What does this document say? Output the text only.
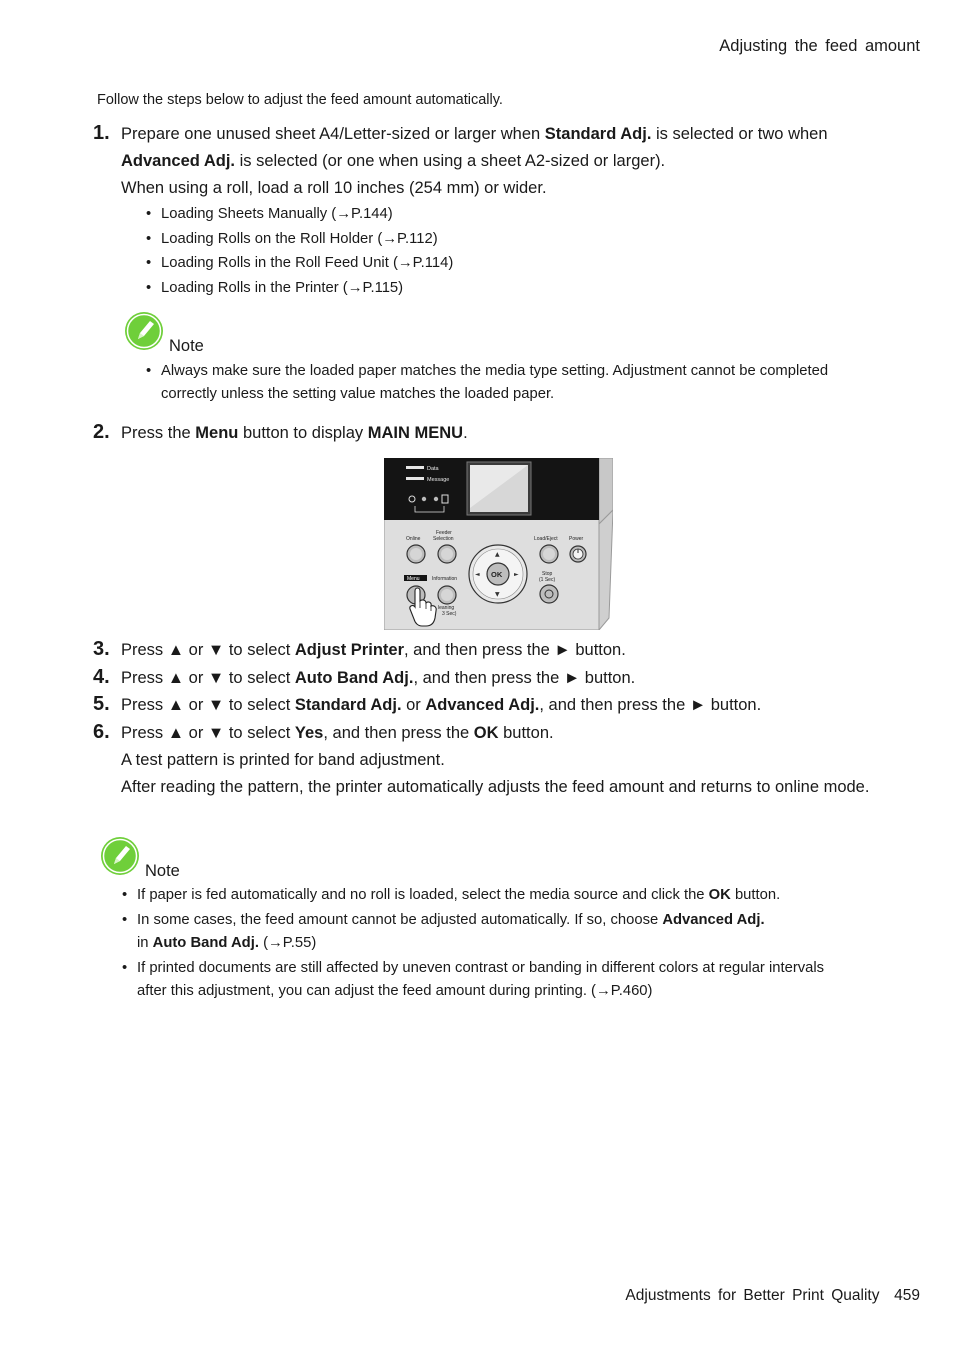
Adjusting the feed amount
Follow the steps below to adjust the feed amount automatically.
1. Prepare one unused sheet A4/Letter-sized or larger when Standard Adj. is selected or two when Advanced Adj. is selected (or one when using a sheet A2-sized or larger).
When using a roll, load a roll 10 inches (254 mm) or wider.
• Loading Sheets Manually (→P.144)
• Loading Rolls on the Roll Holder (→P.112)
• Loading Rolls in the Roll Feed Unit (→P.114)
• Loading Rolls in the Printer (→P.115)
Note
• Always make sure the loaded paper matches the media type setting. Adjustment cannot be completed correctly unless the setting value matches the loaded paper.
2. Press the Menu button to display MAIN MENU.
Data
Message
Online
Feeder
Selection	Load/Eject Power
▲
▼
◄	►
OK	Stop
(1 Sec)
Menu Information
leaning
3 Sec)
3. Press ▲ or ▼ to select Adjust Printer, and then press the ► button.
4. Press ▲ or ▼ to select Auto Band Adj., and then press the ► button.
5. Press ▲ or ▼ to select Standard Adj. or Advanced Adj., and then press the ► button.
6. Press ▲ or ▼ to select Yes, and then press the OK button.
A test pattern is printed for band adjustment.
After reading the pattern, the printer automatically adjusts the feed amount and returns to online mode.
Note
• If paper is fed automatically and no roll is loaded, select the media source and click the OK button.
• In some cases, the feed amount cannot be adjusted automatically. If so, choose Advanced Adj.
in Auto Band Adj. (→P.55)
• If printed documents are still affected by uneven contrast or banding in different colors at regular intervals after this adjustment, you can adjust the feed amount during printing. (→P.460)
Adjustments for Better Print Quality 459
